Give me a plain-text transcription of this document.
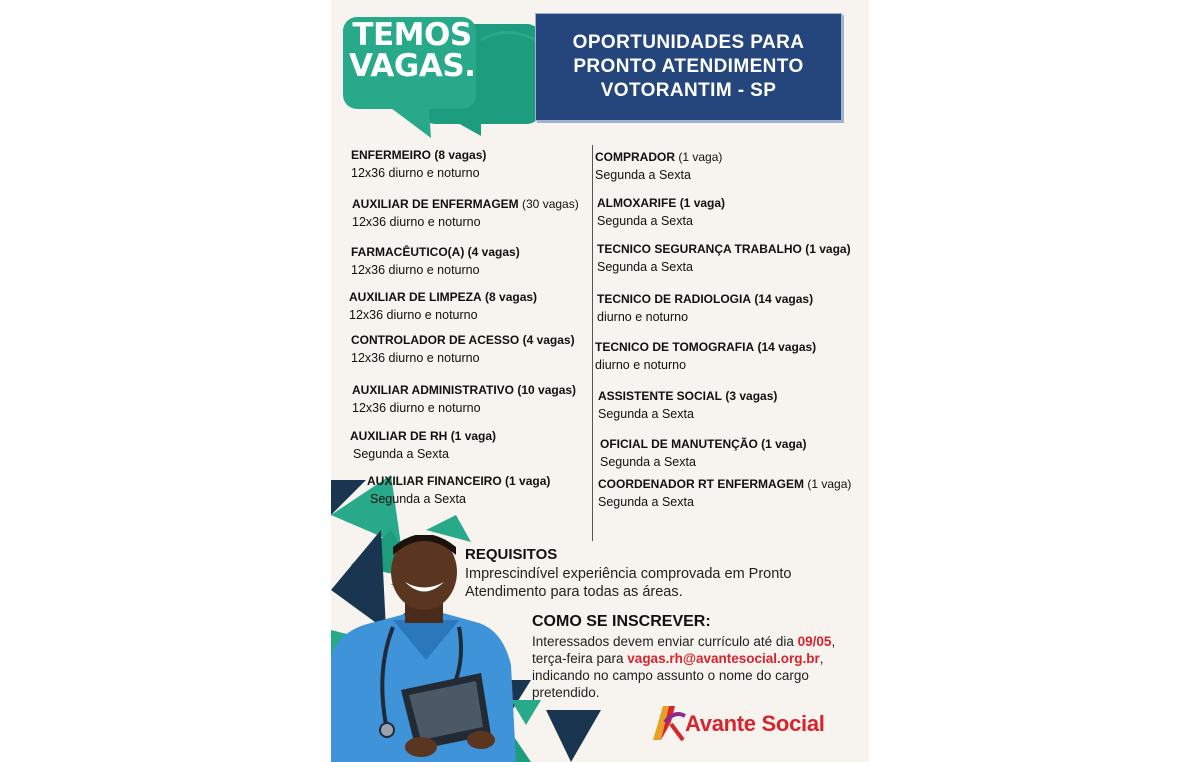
TEMOS
VAGAS.
OPORTUNIDADES PARA
PRONTO ATENDIMENTO
VOTORANTIM - SP
ENFERMEIRO (8 vagas)
12x36 diurno e noturno
AUXILIAR DE ENFERMAGEM (30 vagas)
12x36 diurno e noturno
FARMACÊUTICO(A) (4 vagas)
12x36 diurno e noturno
AUXILIAR DE LIMPEZA (8 vagas)
12x36 diurno e noturno
CONTROLADOR DE ACESSO (4 vagas)
12x36 diurno e noturno
AUXILIAR ADMINISTRATIVO (10 vagas)
12x36 diurno e noturno
AUXILIAR DE RH (1 vaga)
Segunda a Sexta
AUXILIAR FINANCEIRO (1 vaga)
Segunda a Sexta
COMPRADOR (1 vaga)
Segunda a Sexta
ALMOXARIFE (1 vaga)
Segunda a Sexta
TECNICO SEGURANÇA TRABALHO (1 vaga)
Segunda a Sexta
TECNICO DE RADIOLOGIA (14 vagas)
diurno e noturno
TECNICO DE TOMOGRAFIA (14 vagas)
diurno e noturno
ASSISTENTE SOCIAL (3 vagas)
Segunda a Sexta
OFICIAL DE MANUTENÇÃO (1 vaga)
Segunda a Sexta
COORDENADOR RT ENFERMAGEM (1 vaga)
Segunda a Sexta
REQUISITOS
Imprescindível experiência comprovada em Pronto Atendimento para todas as áreas.
COMO SE INSCREVER:
Interessados devem enviar currículo até dia 09/05, terça-feira para vagas.rh@avantesocial.org.br, indicando no campo assunto o nome do cargo pretendido.
Avante Social
